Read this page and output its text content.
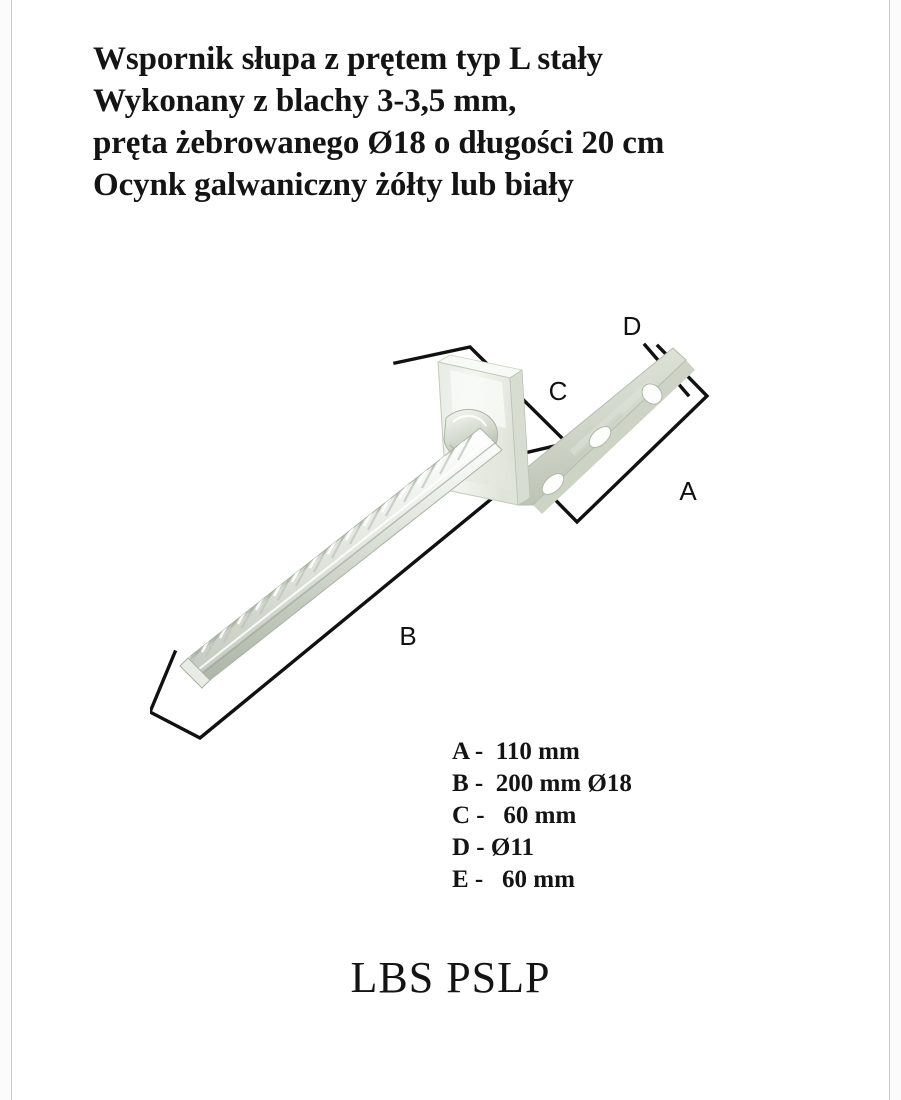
Wspornik słupa z prętem typ L stały
Wykonany z blachy 3-3,5 mm,
pręta żebrowanego Ø18 o długości 20 cm
Ocynk galwaniczny żółty lub biały
A
B
C
D
A -  110 mm
B -  200 mm Ø18
C -   60 mm
D - Ø11
E -   60 mm
LBS PSLP
